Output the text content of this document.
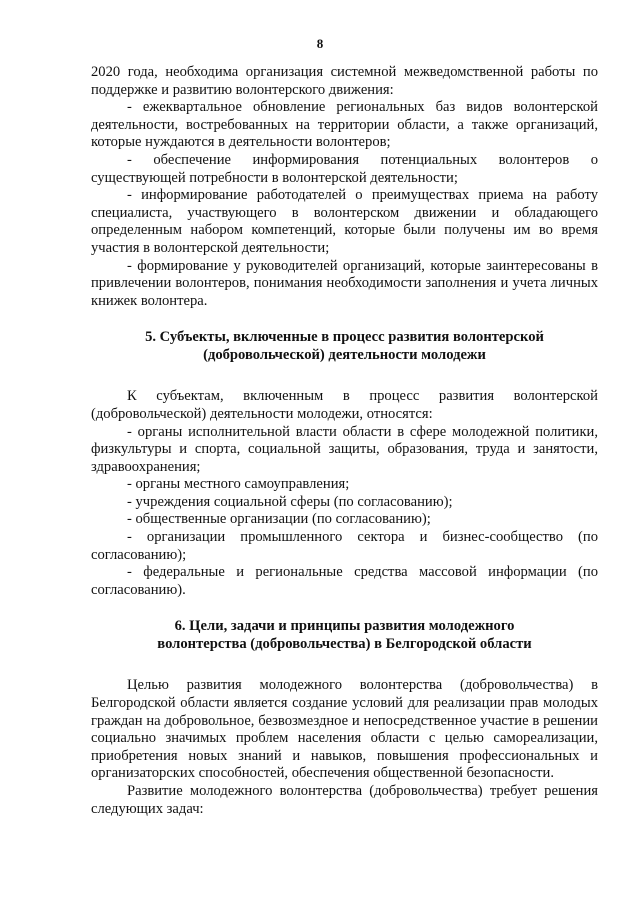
8

2020 года, необходима организация системной межведомственной работы по поддержке и развитию волонтерского движения:

- ежеквартальное обновление региональных баз видов волонтерской деятельности, востребованных на территории области, а также организаций, которые нуждаются в деятельности волонтеров;

- обеспечение информирования потенциальных волонтеров о существующей потребности в волонтерской деятельности;

- информирование работодателей о преимуществах приема на работу специалиста, участвующего в волонтерском движении и обладающего определенным набором компетенций, которые были получены им во время участия в волонтерской деятельности;

- формирование у руководителей организаций, которые заинтересованы в привлечении волонтеров, понимания необходимости заполнения и учета личных книжек волонтера.

5. Субъекты, включенные в процесс развития волонтерской
(добровольческой) деятельности молодежи

К субъектам, включенным в процесс развития волонтерской (добровольческой) деятельности молодежи, относятся:

- органы исполнительной власти области в сфере молодежной политики, физкультуры и спорта, социальной защиты, образования, труда и занятости, здравоохранения;

- органы местного самоуправления;

- учреждения социальной сферы (по согласованию);

- общественные организации (по согласованию);

- организации промышленного сектора и бизнес-сообщество (по согласованию);

- федеральные и региональные средства массовой информации (по согласованию).

6. Цели, задачи и принципы развития молодежного
волонтерства (добровольчества) в Белгородской области

Целью развития молодежного волонтерства (добровольчества) в Белгородской области является создание условий для реализации прав молодых граждан на добровольное, безвозмездное и непосредственное участие в решении социально значимых проблем населения области с целью самореализации, приобретения новых знаний и навыков, повышения профессиональных и организаторских способностей, обеспечения общественной безопасности.

Развитие молодежного волонтерства (добровольчества) требует решения следующих задач:
